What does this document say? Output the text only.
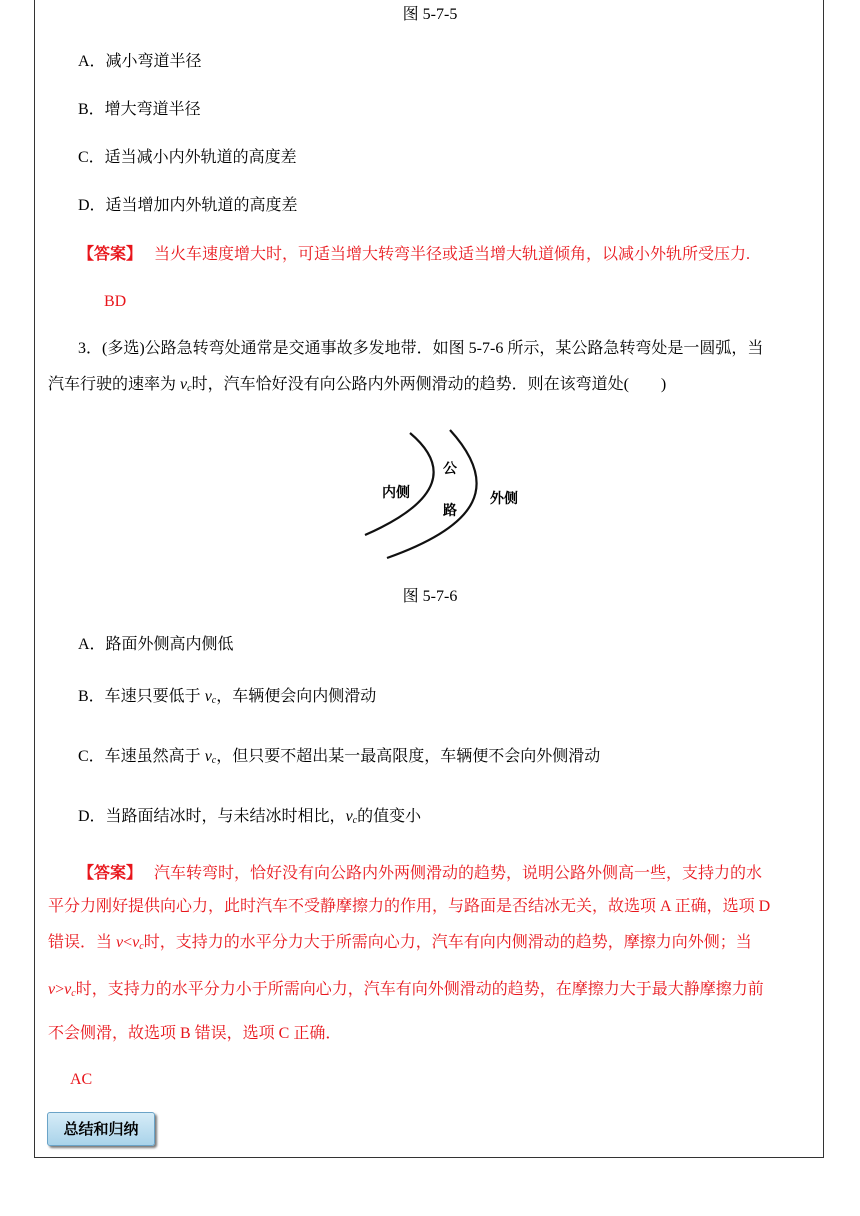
图 5-7-5
A．减小弯道半径
B．增大弯道半径
C．适当减小内外轨道的高度差
D．适当增加内外轨道的高度差
【答案】 当火车速度增大时，可适当增大转弯半径或适当增大轨道倾角，以减小外轨所受压力.
BD
3．(多选)公路急转弯处通常是交通事故多发地带．如图 5-7-6 所示，某公路急转弯处是一圆弧，当
汽车行驶的速率为 $v_c$时，汽车恰好没有向公路内外两侧滑动的趋势．则在该弯道处(　　)
内侧
公
路
外侧
图 5-7-6
A．路面外侧高内侧低
B．车速只要低于 $v_c$，车辆便会向内侧滑动
C．车速虽然高于 $v_c$，但只要不超出某一最高限度，车辆便不会向外侧滑动
D．当路面结冰时，与未结冰时相比，$v_c$的值变小
【答案】 汽车转弯时，恰好没有向公路内外两侧滑动的趋势，说明公路外侧高一些，支持力的水
平分力刚好提供向心力，此时汽车不受静摩擦力的作用，与路面是否结冰无关，故选项 A 正确，选项 D
错误．当 $v<v_c$时，支持力的水平分力大于所需向心力，汽车有向内侧滑动的趋势，摩擦力向外侧；当
$v>v_c$时，支持力的水平分力小于所需向心力，汽车有向外侧滑动的趋势，在摩擦力大于最大静摩擦力前
不会侧滑，故选项 B 错误，选项 C 正确．
AC
总结和归纳
